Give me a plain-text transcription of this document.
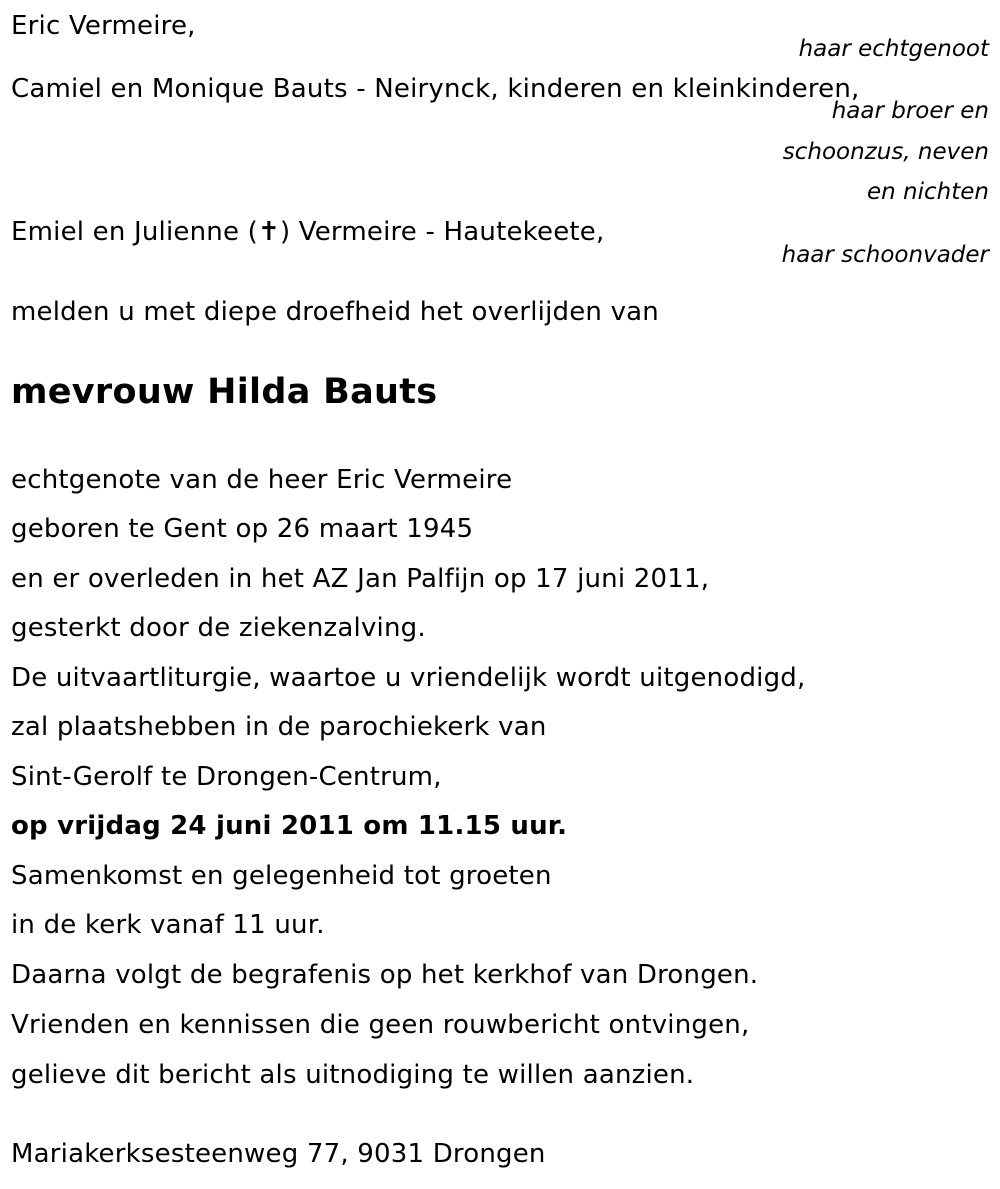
Eric Vermeire,
haar echtgenoot
Camiel en Monique Bauts - Neirynck, kinderen en kleinkinderen,
haar broer en
schoonzus, neven
en nichten
Emiel en Julienne (✝) Vermeire - Hautekeete,
haar schoonvader
melden u met diepe droefheid het overlijden van
mevrouw Hilda Bauts
echtgenote van de heer Eric Vermeire
geboren te Gent op 26 maart 1945
en er overleden in het AZ Jan Palfijn op 17 juni 2011,
gesterkt door de ziekenzalving.
De uitvaartliturgie, waartoe u vriendelijk wordt uitgenodigd,
zal plaatshebben in de parochiekerk van
Sint-Gerolf te Drongen-Centrum,
op vrijdag 24 juni 2011 om 11.15 uur.
Samenkomst en gelegenheid tot groeten
in de kerk vanaf 11 uur.
Daarna volgt de begrafenis op het kerkhof van Drongen.
Vrienden en kennissen die geen rouwbericht ontvingen,
gelieve dit bericht als uitnodiging te willen aanzien.
Mariakerksesteenweg 77, 9031 Drongen
